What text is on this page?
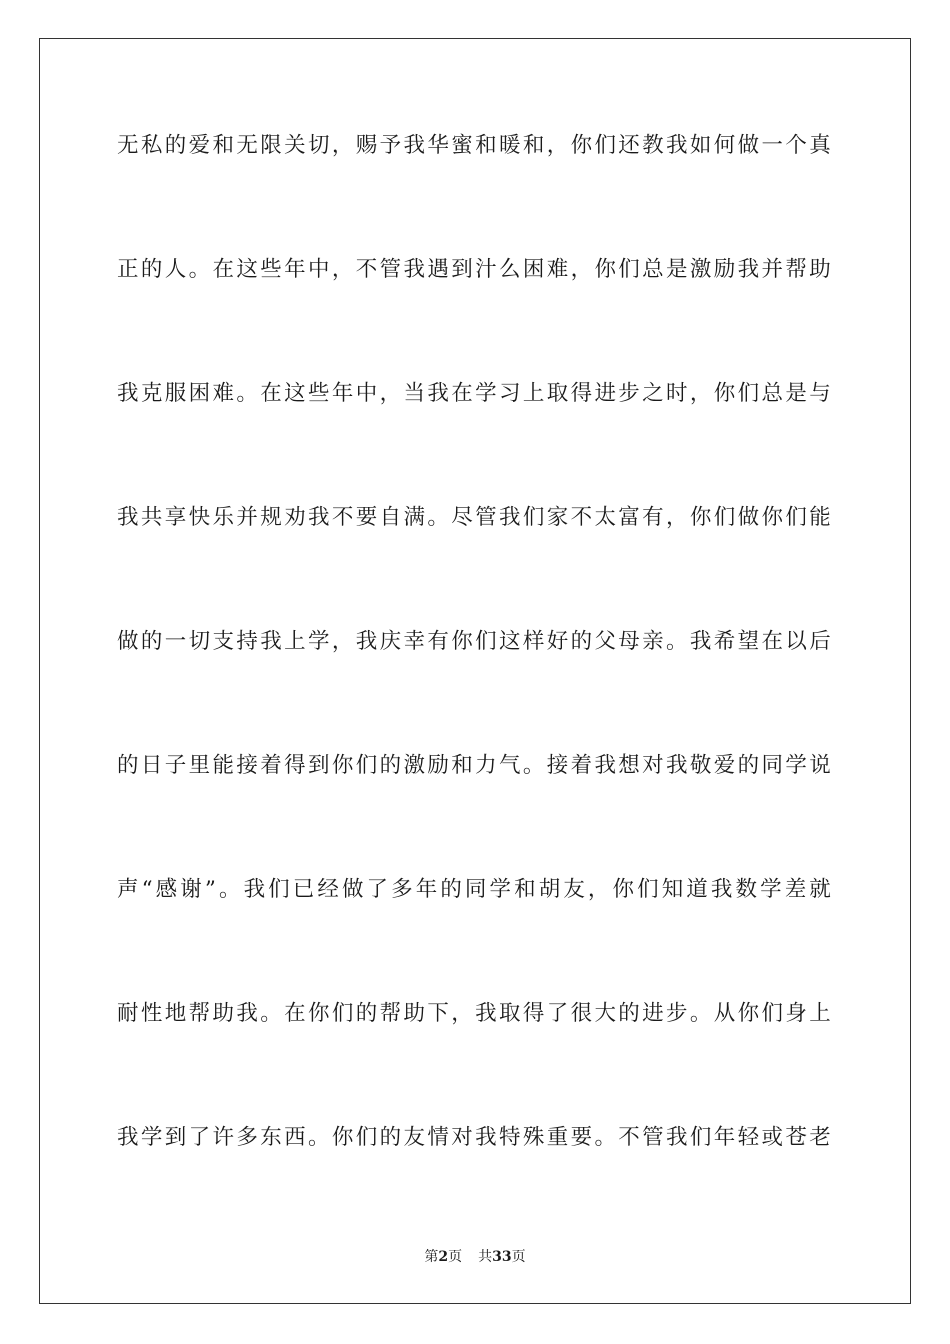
无私的爱和无限关切，赐予我华蜜和暖和，你们还教我如何做一个真
正的人。在这些年中，不管我遇到汁么困难，你们总是激励我并帮助
我克服困难。在这些年中，当我在学习上取得进步之时，你们总是与
我共享快乐并规劝我不要自满。尽管我们家不太富有，你们做你们能
做的一切支持我上学，我庆幸有你们这样好的父母亲。我希望在以后
的日子里能接着得到你们的激励和力气。接着我想对我敬爱的同学说
声“感谢”。我们已经做了多年的同学和胡友，你们知道我数学差就
耐性地帮助我。在你们的帮助下，我取得了很大的进步。从你们身上
我学到了许多东西。你们的友情对我特殊重要。不管我们年轻或苍老
第2页 共33页
